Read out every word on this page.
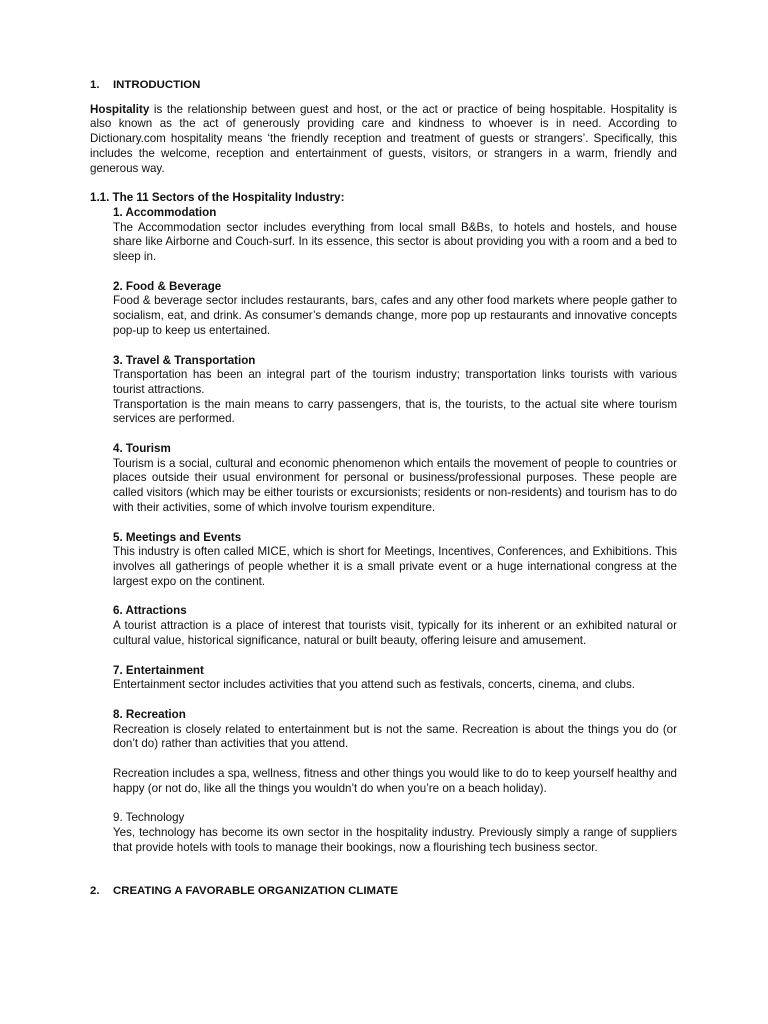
1. INTRODUCTION

Hospitality is the relationship between guest and host, or the act or practice of being hospitable. Hospitality is also known as the act of generously providing care and kindness to whoever is in need. According to Dictionary.com hospitality means ‘the friendly reception and treatment of guests or strangers’. Specifically, this includes the welcome, reception and entertainment of guests, visitors, or strangers in a warm, friendly and generous way.

1.1. The 11 Sectors of the Hospitality Industry:
1. Accommodation

The Accommodation sector includes everything from local small B&Bs, to hotels and hostels, and house share like Airborne and Couch-surf. In its essence, this sector is about providing you with a room and a bed to sleep in.

2. Food & Beverage

Food & beverage sector includes restaurants, bars, cafes and any other food markets where people gather to socialism, eat, and drink. As consumer’s demands change, more pop up restaurants and innovative concepts pop-up to keep us entertained.

3. Travel & Transportation

Transportation has been an integral part of the tourism industry; transportation links tourists with various tourist attractions.

Transportation is the main means to carry passengers, that is, the tourists, to the actual site where tourism services are performed.

4. Tourism

Tourism is a social, cultural and economic phenomenon which entails the movement of people to countries or places outside their usual environment for personal or business/professional purposes. These people are called visitors (which may be either tourists or excursionists; residents or non-residents) and tourism has to do with their activities, some of which involve tourism expenditure.

5. Meetings and Events

This industry is often called MICE, which is short for Meetings, Incentives, Conferences, and Exhibitions. This involves all gatherings of people whether it is a small private event or a huge international congress at the largest expo on the continent.

6. Attractions

A tourist attraction is a place of interest that tourists visit, typically for its inherent or an exhibited natural or cultural value, historical significance, natural or built beauty, offering leisure and amusement.

7. Entertainment

Entertainment sector includes activities that you attend such as festivals, concerts, cinema, and clubs.

8. Recreation

Recreation is closely related to entertainment but is not the same. Recreation is about the things you do (or don’t do) rather than activities that you attend.

Recreation includes a spa, wellness, fitness and other things you would like to do to keep yourself healthy and happy (or not do, like all the things you wouldn’t do when you’re on a beach holiday).

9. Technology

Yes, technology has become its own sector in the hospitality industry. Previously simply a range of suppliers that provide hotels with tools to manage their bookings, now a flourishing tech business sector.

2. CREATING A FAVORABLE ORGANIZATION CLIMATE
